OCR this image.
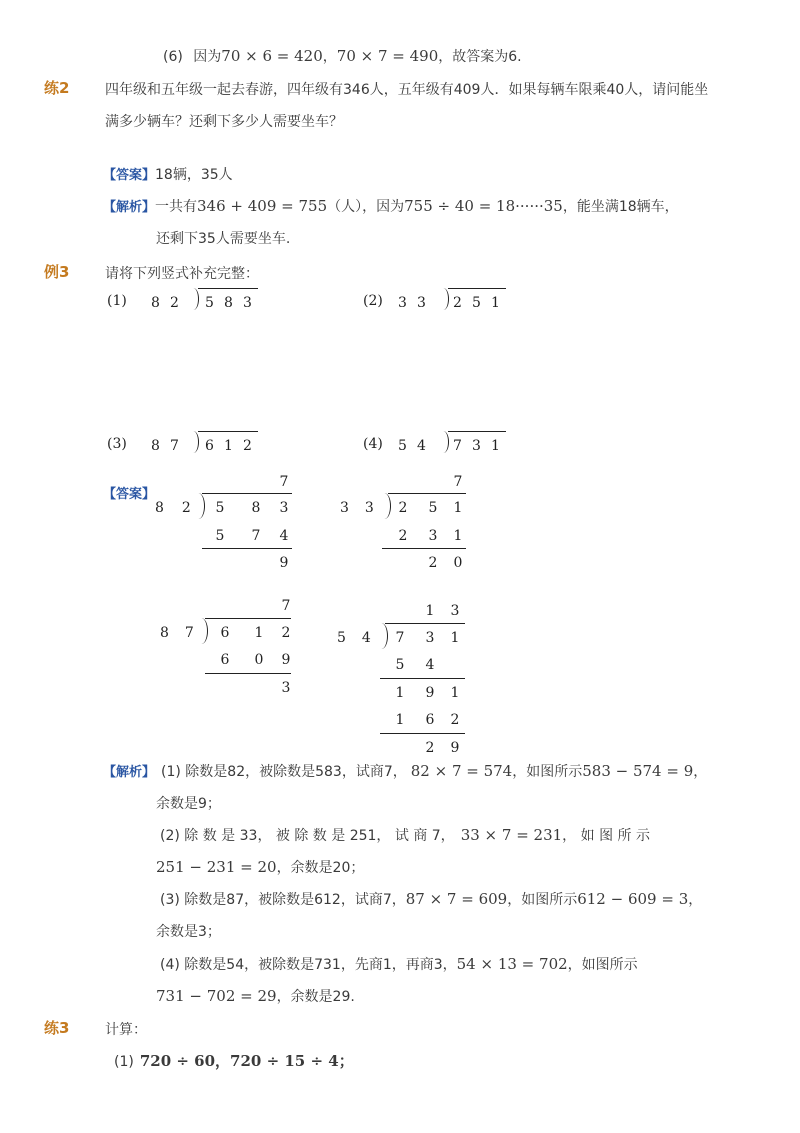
(6) 因为70 × 6 = 420，70 × 7 = 490，故答案为6.
练2	四年级和五年级一起去春游，四年级有346人，五年级有409人．如果每辆车限乘40人，请问能坐
满多少辆车？还剩下多少人需要坐车？
【答案】18辆，35人
【解析】一共有346 + 409 = 755（人），因为755 ÷ 40 = 18······35，能坐满18辆车，
还剩下35人需要坐车.
例3	请将下列竖式补充完整：
(1)	8 2	5 8 3	(2)	3 3	2 5 1
(3)	8 7	6 1 2	(4)	5 4	7 3 1
【答案】
7
8 2	5	8	3
5	7	4
9
7
3 3	2	5	1
2	3	1
2	0
7
8 7	6	1	2
6	0	9
3
1	3
5 4	7	3	1
5	4
1	9	1
1	6	2
2	9
【解析】 (1) 除数是82，被除数是583，试商7， 82 × 7 = 574，如图所示583 − 574 = 9，
余数是9；
(2) 除 数 是 33， 被 除 数 是 251， 试 商 7， 33 × 7 = 231， 如 图 所 示
251 − 231 = 20，余数是20；
(3) 除数是87，被除数是612，试商7，87 × 7 = 609，如图所示612 − 609 = 3，
余数是3；
(4) 除数是54，被除数是731，先商1，再商3，54 × 13 = 702，如图所示
731 − 702 = 29，余数是29.
练3	计算：
(1) 720 ÷ 60，720 ÷ 15 ÷ 4；
